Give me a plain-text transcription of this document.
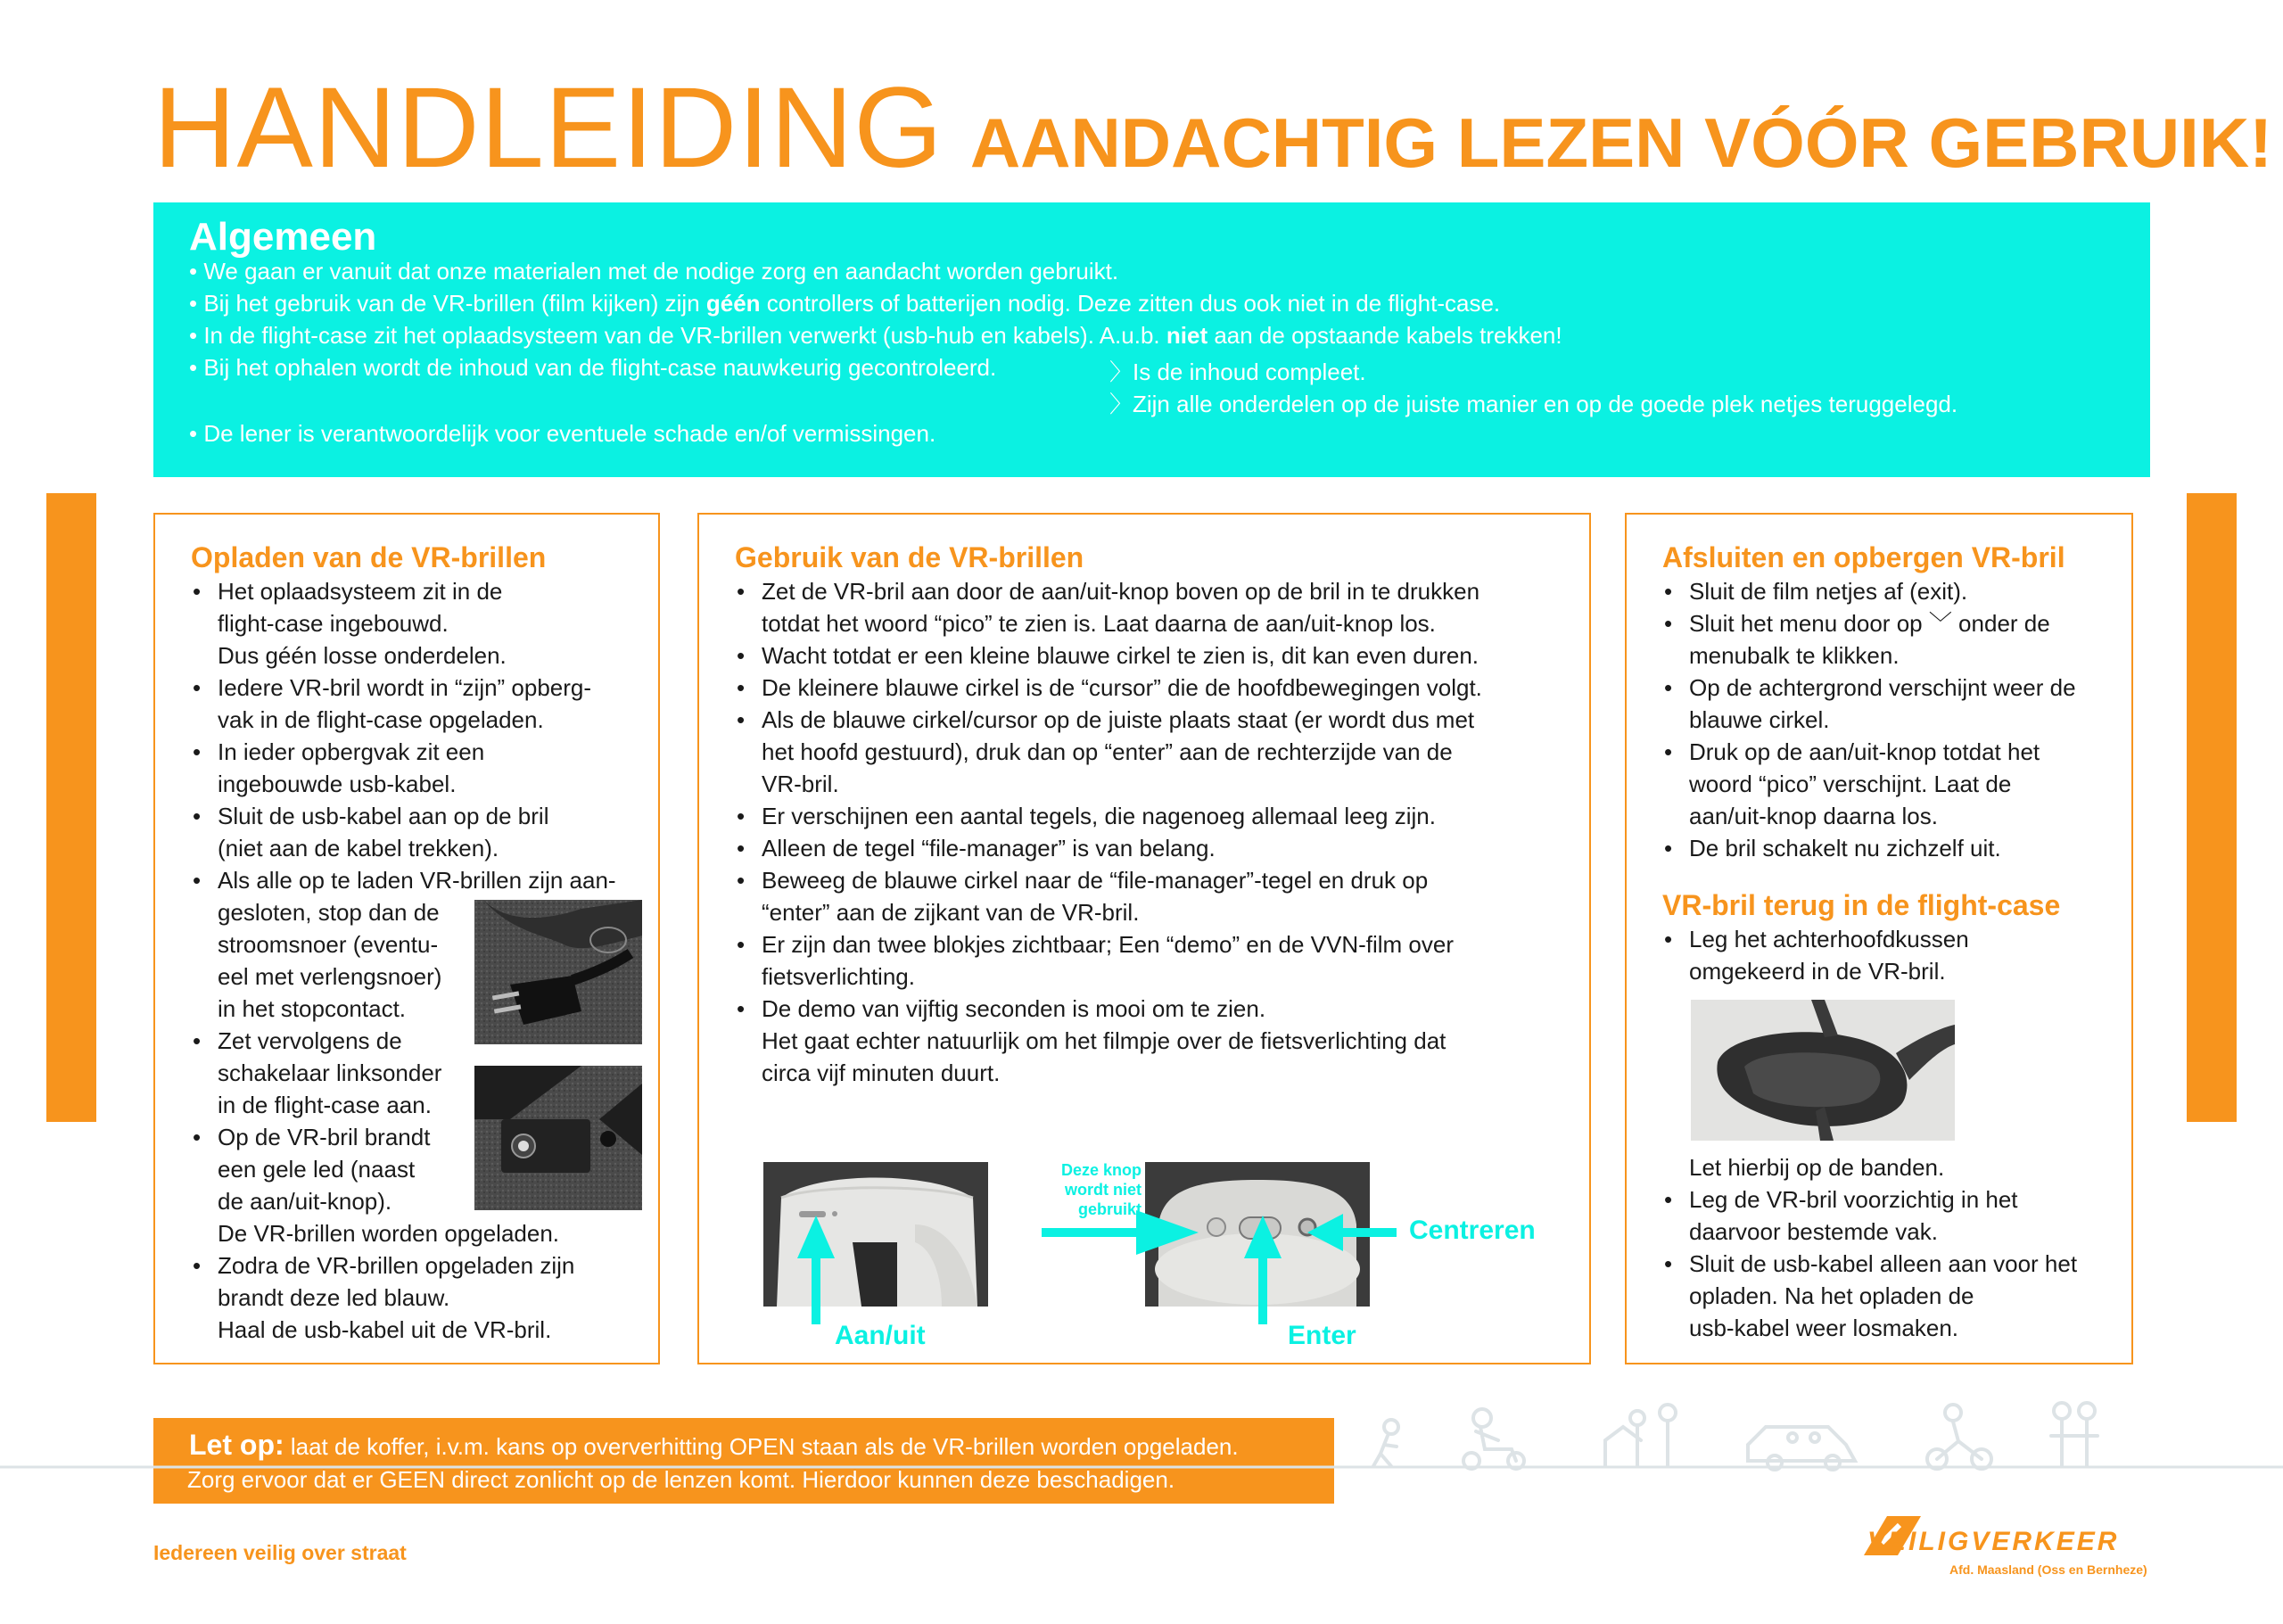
HANDLEIDING AANDACHTIG LEZEN VÓÓR GEBRUIK!
Algemeen
• We gaan er vanuit dat onze materialen met de nodige zorg en aandacht worden gebruikt.
• Bij het gebruik van de VR-brillen (film kijken) zijn géén controllers of batterijen nodig. Deze zitten dus ook niet in de flight-case.
• In de flight-case zit het oplaadsysteem van de VR-brillen verwerkt (usb-hub en kabels). A.u.b. niet aan de opstaande kabels trekken!
• Bij het ophalen wordt de inhoud van de flight-case nauwkeurig gecontroleerd.	〉Is de inhoud compleet.
〉Zijn alle onderdelen op de juiste manier en op de goede plek netjes teruggelegd.
• De lener is verantwoordelijk voor eventuele schade en/of vermissingen.
Opladen van de VR-brillen
• Het oplaadsysteem zit in de
flight-case ingebouwd.
Dus géén losse onderdelen.
• Iedere VR-bril wordt in “zijn” opberg-
vak in de flight-case opgeladen.
• In ieder opbergvak zit een
ingebouwde usb-kabel.
• Sluit de usb-kabel aan op de bril
(niet aan de kabel trekken).
• Als alle op te laden VR-brillen zijn aan-
gesloten, stop dan de
stroomsnoer (eventu-
eel met verlengsnoer)
in het stopcontact.
• Zet vervolgens de
schakelaar linksonder
in de flight-case aan.
• Op de VR-bril brandt
een gele led (naast
de aan/uit-knop).
De VR-brillen worden opgeladen.
• Zodra de VR-brillen opgeladen zijn
brandt deze led blauw.
Haal de usb-kabel uit de VR-bril.
Gebruik van de VR-brillen
• Zet de VR-bril aan door de aan/uit-knop boven op de bril in te drukken
totdat het woord “pico” te zien is. Laat daarna de aan/uit-knop los.
• Wacht totdat er een kleine blauwe cirkel te zien is, dit kan even duren.
• De kleinere blauwe cirkel is de “cursor” die de hoofdbewegingen volgt.
• Als de blauwe cirkel/cursor op de juiste plaats staat (er wordt dus met
het hoofd gestuurd), druk dan op “enter” aan de rechterzijde van de
VR-bril.
• Er verschijnen een aantal tegels, die nagenoeg allemaal leeg zijn.
• Alleen de tegel “file-manager” is van belang.
• Beweeg de blauwe cirkel naar de “file-manager”-tegel en druk op
“enter” aan de zijkant van de VR-bril.
• Er zijn dan twee blokjes zichtbaar; Een “demo” en de VVN-film over
fietsverlichting.
• De demo van vijftig seconden is mooi om te zien.
Het gaat echter natuurlijk om het filmpje over de fietsverlichting dat
circa vijf minuten duurt.
Aan/uit
Deze knop
wordt niet
gebruikt
Centreren
Enter
Afsluiten en opbergen VR-bril
• Sluit de film netjes af (exit).
• Sluit het menu door op ﹀ onder de
menubalk te klikken.
• Op de achtergrond verschijnt weer de
blauwe cirkel.
• Druk op de aan/uit-knop totdat het
woord “pico” verschijnt. Laat de
aan/uit-knop daarna los.
• De bril schakelt nu zichzelf uit.
VR-bril terug in de flight-case
• Leg het achterhoofdkussen
omgekeerd in de VR-bril.
Let hierbij op de banden.
• Leg de VR-bril voorzichtig in het
daarvoor bestemde vak.
• Sluit de usb-kabel alleen aan voor het
opladen. Na het opladen de
usb-kabel weer losmaken.
Let op: laat de koffer, i.v.m. kans op oververhitting OPEN staan als de VR-brillen worden opgeladen.
Zorg ervoor dat er GEEN direct zonlicht op de lenzen komt. Hierdoor kunnen deze beschadigen.
Iedereen veilig over straat	VEILIGVERKEER
Afd. Maasland (Oss en Bernheze)
